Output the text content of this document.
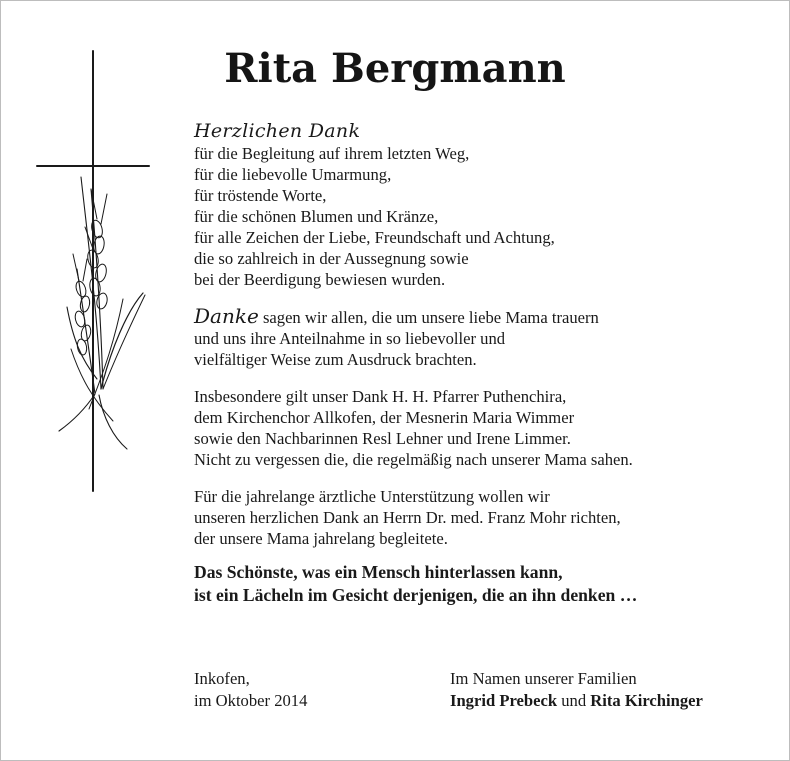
Rita Bergmann
Herzlichen Dank
für die Begleitung auf ihrem letzten Weg,
für die liebevolle Umarmung,
für tröstende Worte,
für die schönen Blumen und Kränze,
für alle Zeichen der Liebe, Freundschaft und Achtung,
die so zahlreich in der Aussegnung sowie
bei der Beerdigung bewiesen wurden.
Danke sagen wir allen, die um unsere liebe Mama trauern
und uns ihre Anteilnahme in so liebevoller und
vielfältiger Weise zum Ausdruck brachten.
Insbesondere gilt unser Dank H. H. Pfarrer Puthenchira,
dem Kirchenchor Allkofen, der Mesnerin Maria Wimmer
sowie den Nachbarinnen Resl Lehner und Irene Limmer.
Nicht zu vergessen die, die regelmäßig nach unserer Mama sahen.
Für die jahrelange ärztliche Unterstützung wollen wir
unseren herzlichen Dank an Herrn Dr. med. Franz Mohr richten,
der unsere Mama jahrelang begleitete.
Das Schönste, was ein Mensch hinterlassen kann,
ist ein Lächeln im Gesicht derjenigen, die an ihn denken …
Inkofen,
im Oktober 2014
Im Namen unserer Familien
Ingrid Prebeck und Rita Kirchinger
